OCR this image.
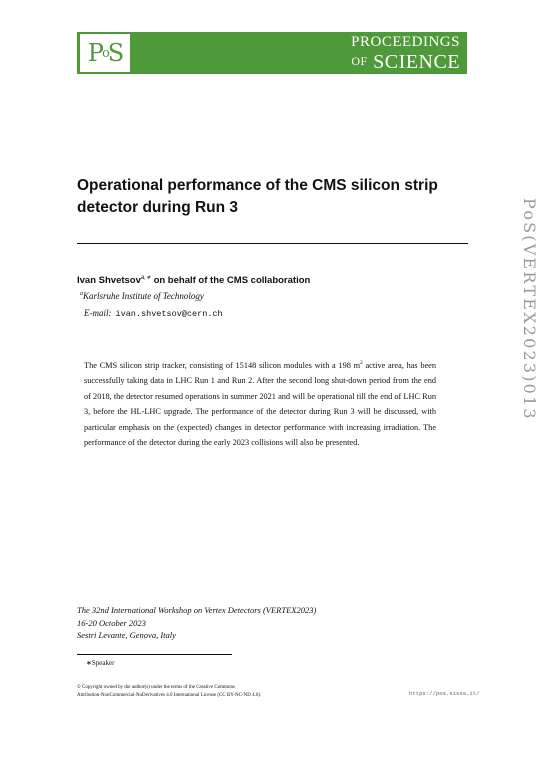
P o S	PROCEEDINGS
OF SCIENCE
Operational performance of the CMS silicon strip
detector during Run 3
Ivan Shvetsov$^{a,∗}$ on behalf of the CMS collaboration
$^a$Karlsruhe Institute of Technology
E-mail: ivan.shvetsov@cern.ch

The CMS silicon strip tracker, consisting of 15148 silicon modules with a 198 $m^2$ active area, has been successfully taking data in LHC Run 1 and Run 2. After the second long shut-down period from the end of 2018, the detector resumed operations in summer 2021 and will be operational till the end of LHC Run 3, before the HL-LHC upgrade. The performance of the detector during Run 3 will be discussed, with particular emphasis on the (expected) changes in detector performance with increasing irradiation. The performance of the detector during the early 2023 collisions will also be presented.

PoS(VERTEX2023)013
The 32nd International Workshop on Vertex Detectors (VERTEX2023)
16-20 October 2023
Sestri Levante, Genova, Italy
∗Speaker
© Copyright owned by the author(s) under the terms of the Creative Commons
Attribution-NonCommercial-NoDerivatives 4.0 International License (CC BY-NC-ND 4.0).	https://pos.sissa.it/
